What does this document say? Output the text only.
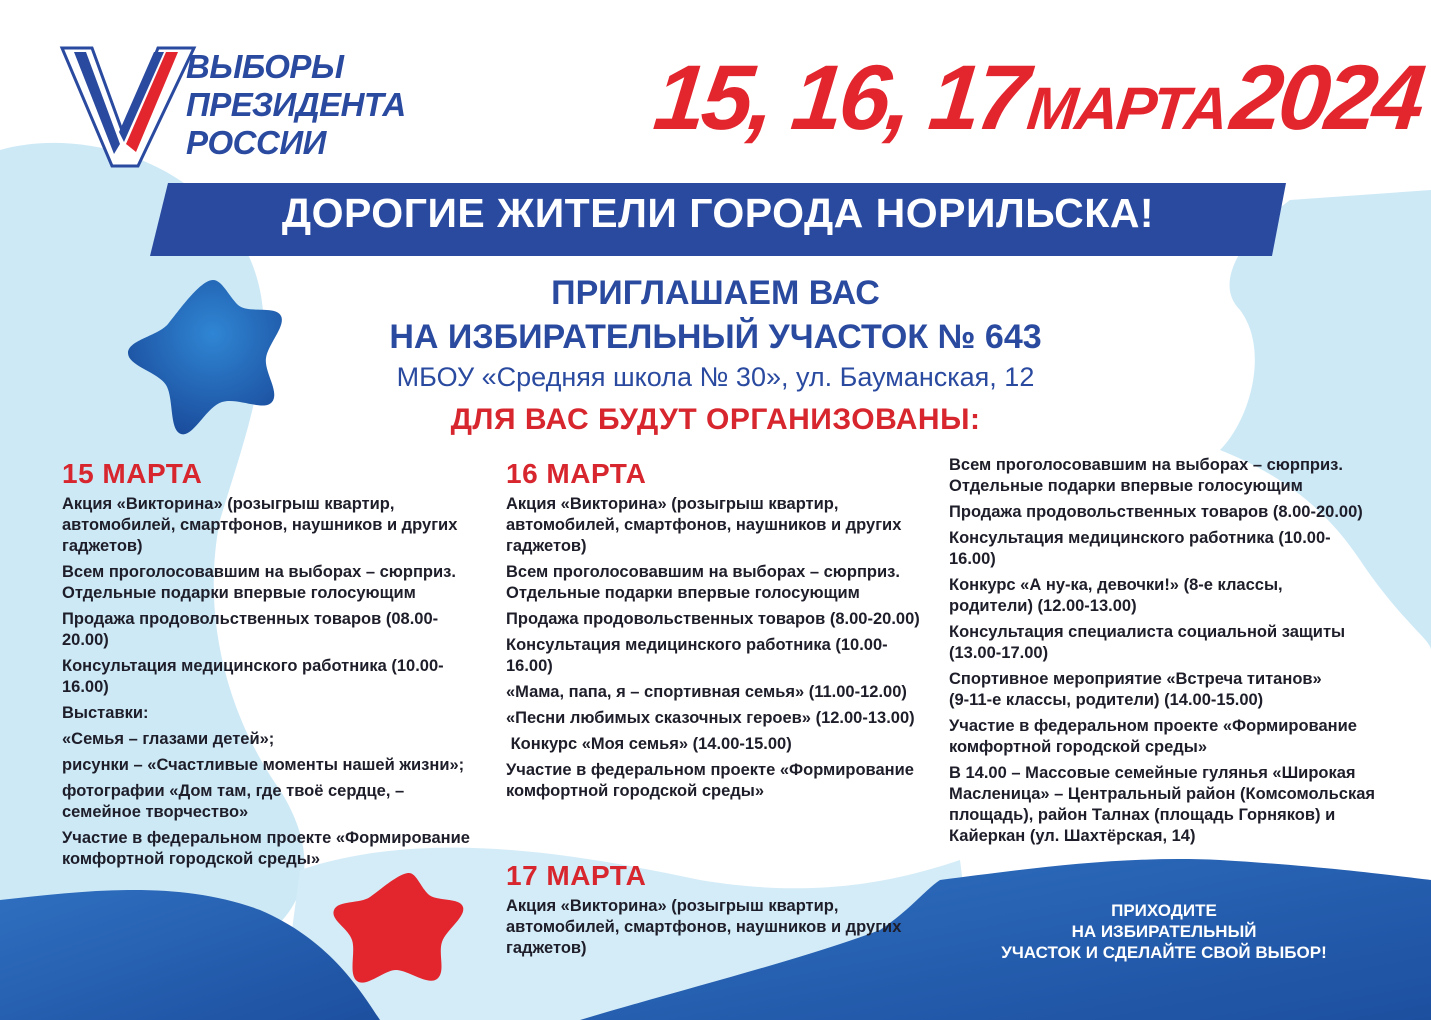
ВЫБОРЫ
ПРЕЗИДЕНТА
РОССИИ	15, 16, 17 МАРТА 2024
ДОРОГИЕ ЖИТЕЛИ ГОРОДА НОРИЛЬСКА!
ПРИГЛАШАЕМ ВАС
НА ИЗБИРАТЕЛЬНЫЙ УЧАСТОК № 643
МБОУ «Средняя школа № 30», ул. Бауманская, 12
ДЛЯ ВАС БУДУТ ОРГАНИЗОВАНЫ:
15 МАРТА
Акция «Викторина» (розыгрыш квартир, автомобилей, смартфонов, наушников и других гаджетов)
Всем проголосовавшим на выборах – сюрприз. Отдельные подарки впервые голосующим
Продажа продовольственных товаров (08.00-20.00)
Консультация медицинского работника (10.00-16.00)
Выставки:
«Семья – глазами детей»;
рисунки – «Счастливые моменты нашей жизни»;
фотографии «Дом там, где твоё сердце, – семейное творчество»
Участие в федеральном проекте «Формирование комфортной городской среды»
16 МАРТА
Акция «Викторина» (розыгрыш квартир, автомобилей, смартфонов, наушников и других гаджетов)
Всем проголосовавшим на выборах – сюрприз. Отдельные подарки впервые голосующим
Продажа продовольственных товаров (8.00-20.00)
Консультация медицинского работника (10.00-16.00)
«Мама, папа, я – спортивная семья» (11.00-12.00)
«Песни любимых сказочных героев» (12.00-13.00)
Конкурс «Моя семья» (14.00-15.00)
Участие в федеральном проекте «Формирование комфортной городской среды»
17 МАРТА
Акция «Викторина» (розыгрыш квартир, автомобилей, смартфонов, наушников и других гаджетов)
Всем проголосовавшим на выборах – сюрприз. Отдельные подарки впервые голосующим
Продажа продовольственных товаров (8.00-20.00)
Консультация медицинского работника (10.00-16.00)
Конкурс «А ну-ка, девочки!» (8-е классы, родители) (12.00-13.00)
Консультация специалиста социальной защиты (13.00-17.00)
Спортивное мероприятие «Встреча титанов» (9-11-е классы, родители) (14.00-15.00)
Участие в федеральном проекте «Формирование комфортной городской среды»
В 14.00 – Массовые семейные гулянья «Широкая Масленица» – Центральный район (Комсомольская площадь), район Талнах (площадь Горняков) и Кайеркан (ул. Шахтёрская, 14)
ПРИХОДИТЕ
НА ИЗБИРАТЕЛЬНЫЙ
УЧАСТОК И СДЕЛАЙТЕ СВОЙ ВЫБОР!
